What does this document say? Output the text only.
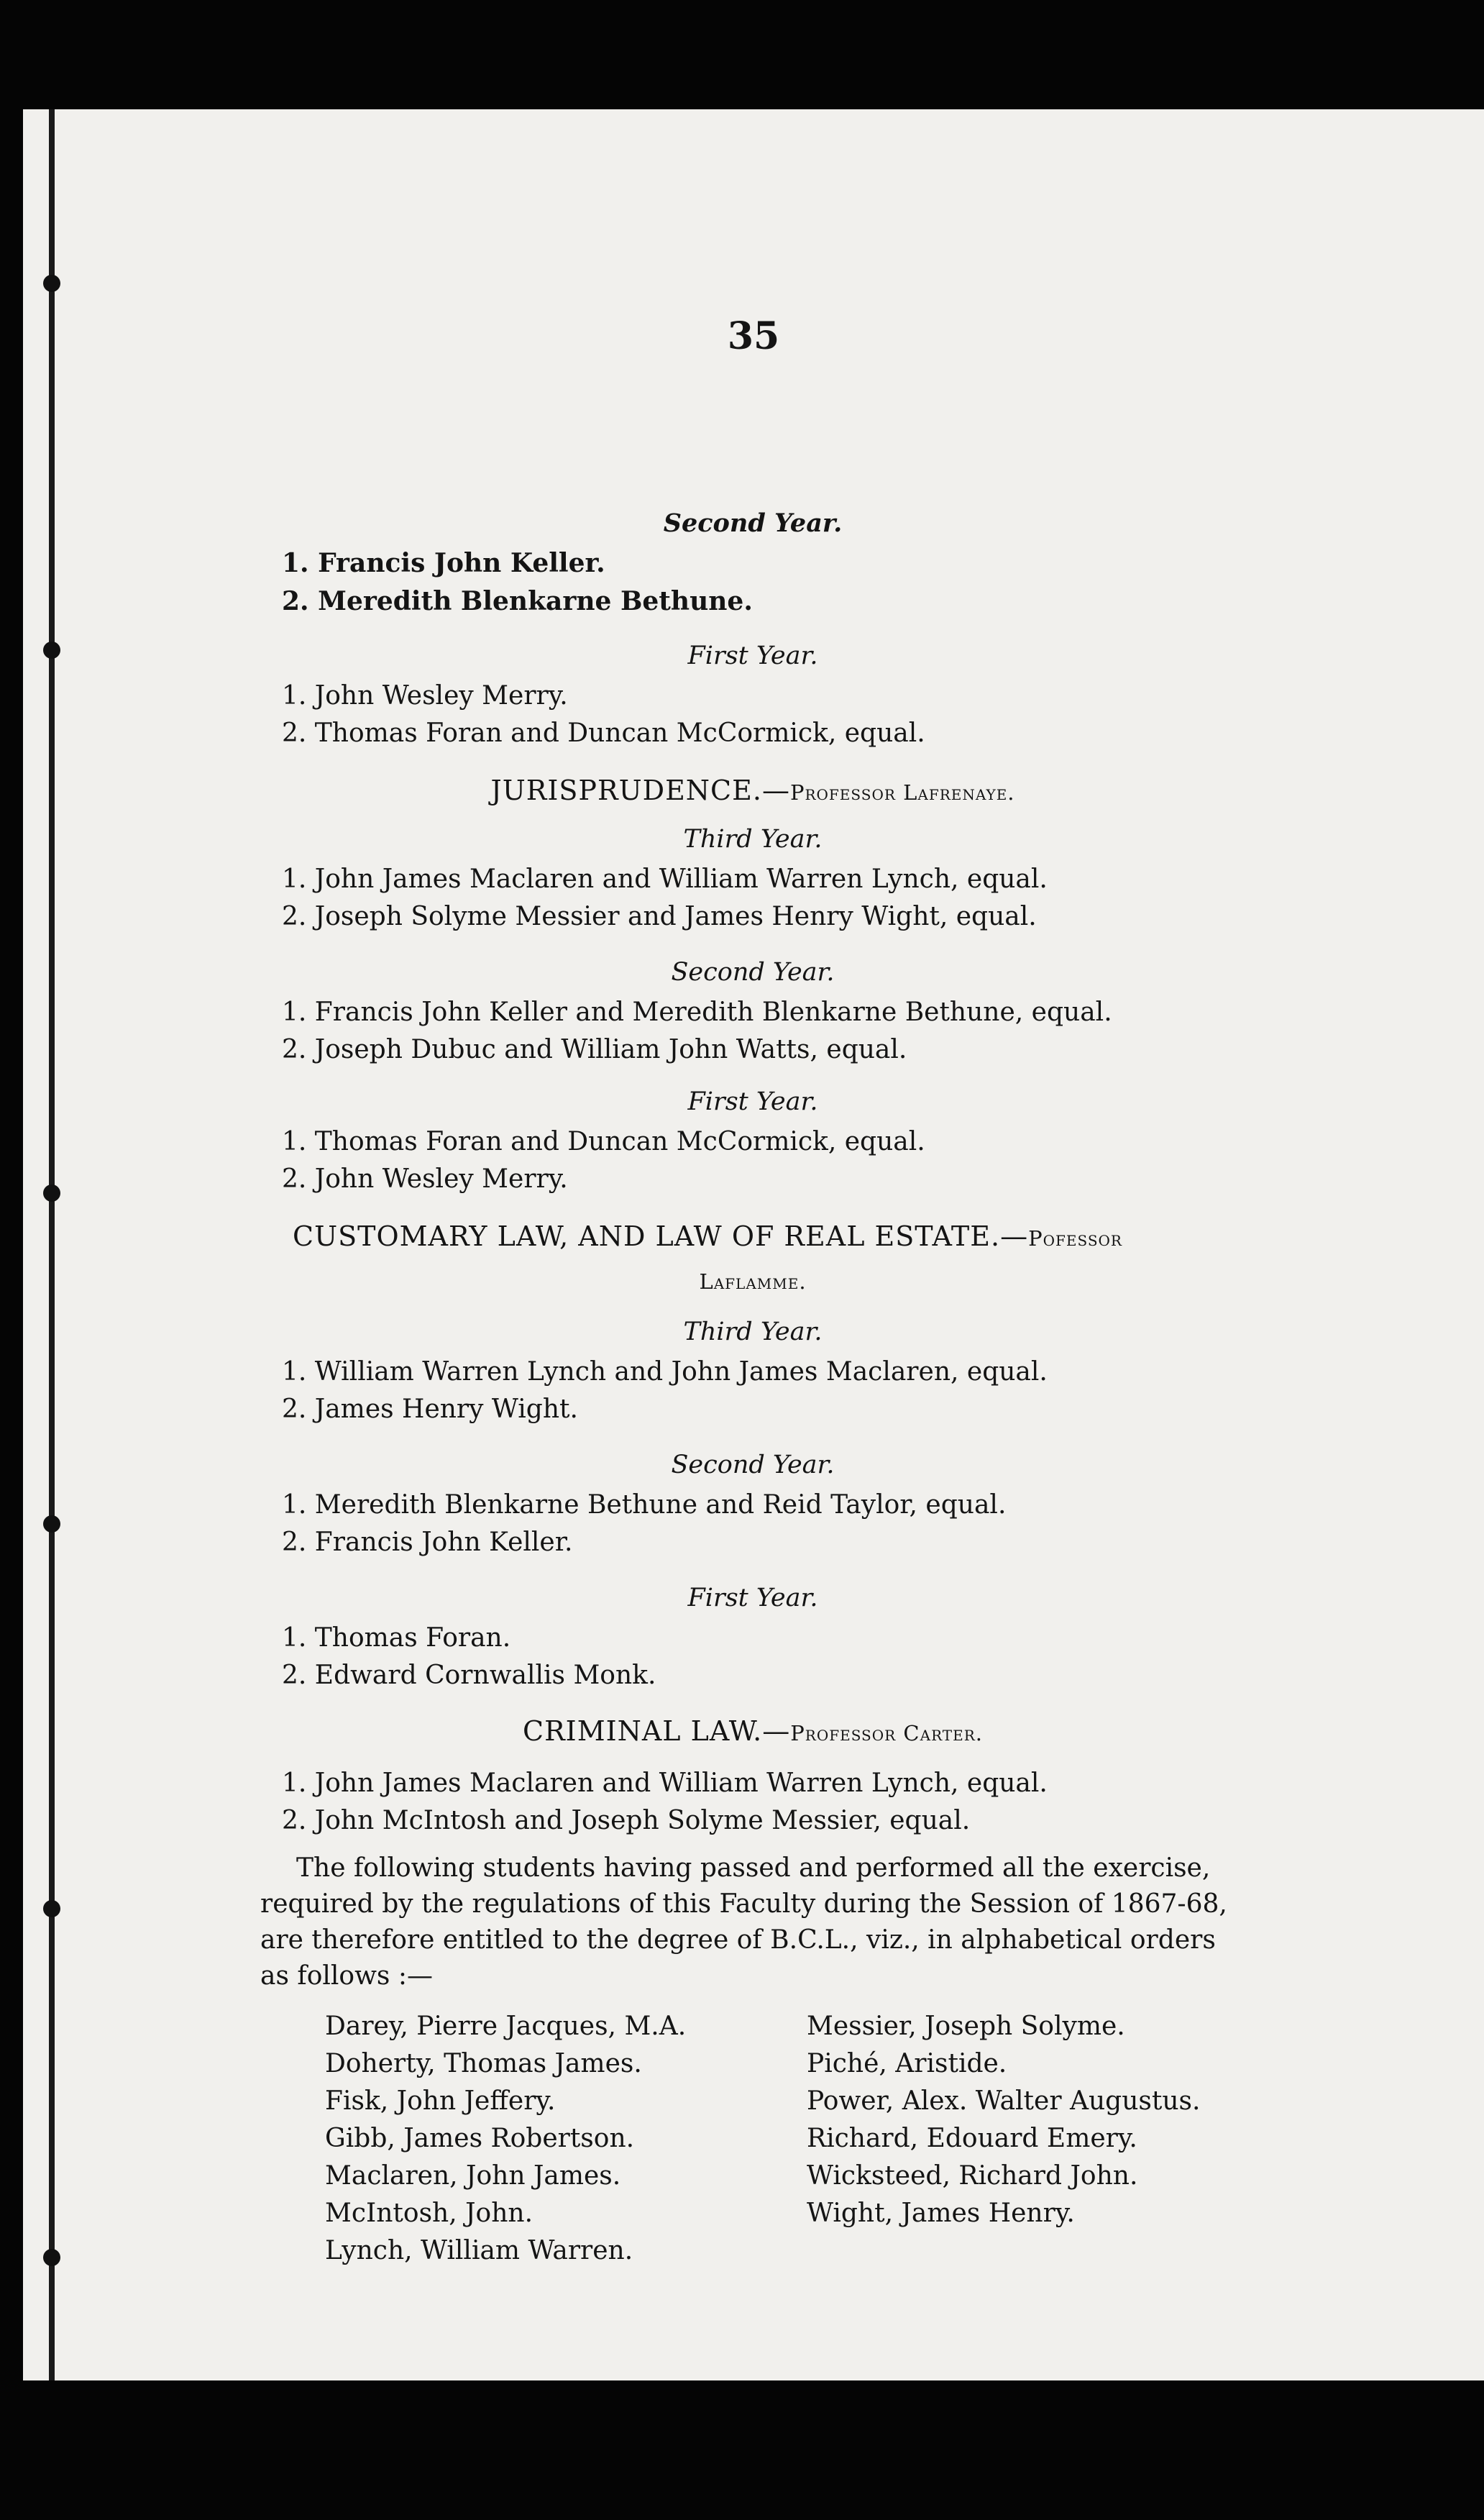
35
Second Year.
1. Francis John Keller.
2. Meredith Blenkarne Bethune.
First Year.
1. John Wesley Merry.
2. Thomas Foran and Duncan McCormick, equal.
JURISPRUDENCE.—Professor Lafrenaye.
Third Year.
1. John James Maclaren and William Warren Lynch, equal.
2. Joseph Solyme Messier and James Henry Wight, equal.
Second Year.
1. Francis John Keller and Meredith Blenkarne Bethune, equal.
2. Joseph Dubuc and William John Watts, equal.
First Year.
1. Thomas Foran and Duncan McCormick, equal.
2. John Wesley Merry.
CUSTOMARY LAW, AND LAW OF REAL ESTATE.—Pofessor
Laflamme.
Third Year.
1. William Warren Lynch and John James Maclaren, equal.
2. James Henry Wight.
Second Year.
1. Meredith Blenkarne Bethune and Reid Taylor, equal.
2. Francis John Keller.
First Year.
1. Thomas Foran.
2. Edward Cornwallis Monk.
CRIMINAL LAW.—Professor Carter.
1. John James Maclaren and William Warren Lynch, equal.
2. John McIntosh and Joseph Solyme Messier, equal.
The following students having passed and performed all the exercise,
required by the regulations of this Faculty during the Session of 1867-68,
are therefore entitled to the degree of B.C.L., viz., in alphabetical orders
as follows :—
Darey, Pierre Jacques, M.A.
Doherty, Thomas James.
Fisk, John Jeffery.
Gibb, James Robertson.
Maclaren, John James.
McIntosh, John.
Lynch, William Warren.
Messier, Joseph Solyme.
Piché, Aristide.
Power, Alex. Walter Augustus.
Richard, Edouard Emery.
Wicksteed, Richard John.
Wight, James Henry.
